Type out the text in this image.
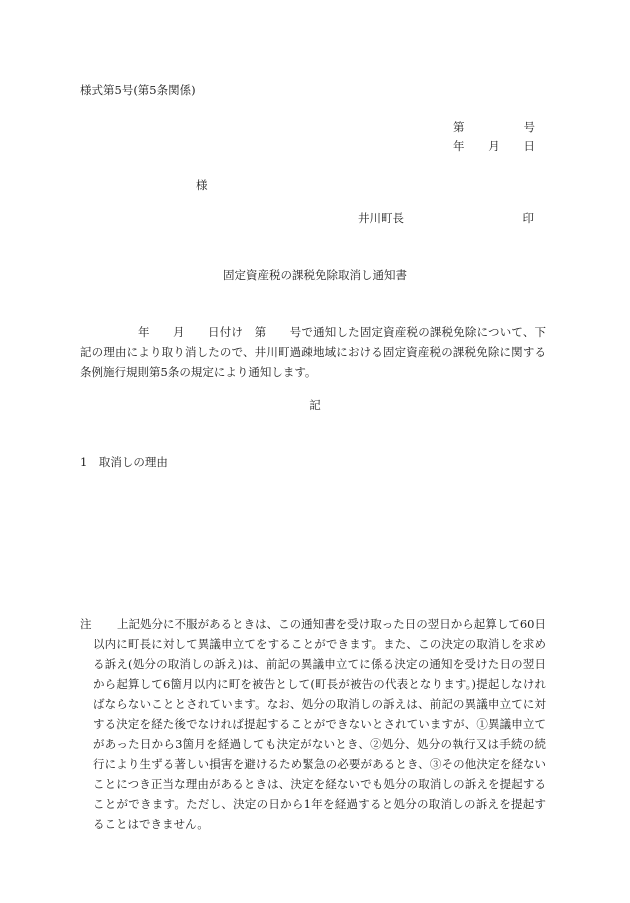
様式第5号(第5条関係)
第	号
年 月 日
様
井川町長	印
固定資産税の課税免除取消し通知書
年　　月　　日付け　第　　号で通知した固定資産税の課税免除について、下記の理由により取り消したので、井川町過疎地域における固定資産税の課税免除に関する条例施行規則第5条の規定により通知します。
記
1　取消しの理由
注	上記処分に不服があるときは、この通知書を受け取った日の翌日から起算して60日以内に町長に対して異議申立てをすることができます。また、この決定の取消しを求める訴え(処分の取消しの訴え)は、前記の異議申立てに係る決定の通知を受けた日の翌日から起算して6箇月以内に町を被告として(町長が被告の代表となります。)提起しなければならないこととされています。なお、処分の取消しの訴えは、前記の異議申立てに対する決定を経た後でなければ提起することができないとされていますが、①異議申立てがあった日から3箇月を経過しても決定がないとき、②処分、処分の執行又は手続の続行により生ずる著しい損害を避けるため緊急の必要があるとき、③その他決定を経ないことにつき正当な理由があるときは、決定を経ないでも処分の取消しの訴えを提起することができます。ただし、決定の日から1年を経過すると処分の取消しの訴えを提起することはできません。
